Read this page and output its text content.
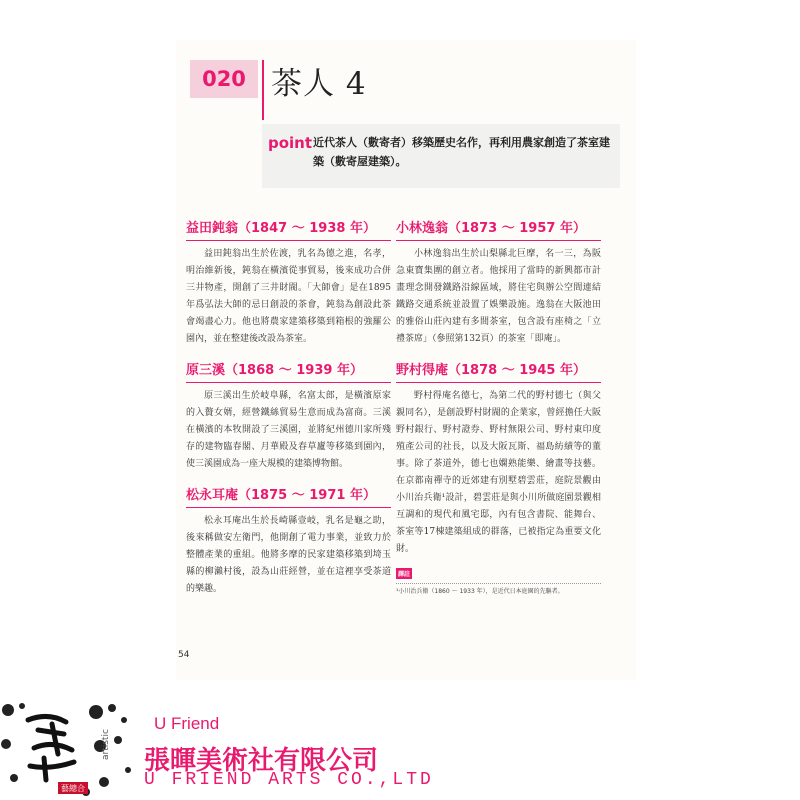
020 茶人 4
point 近代茶人（數寄者）移築歷史名作，再利用農家創造了茶室建築（數寄屋建築）。
益田鈍翁（1847 ～ 1938 年）

益田鈍翁出生於佐渡，乳名為德之進，名孝，明治維新後，鈍翁在橫濱從事貿易，後來成功合併三井物產，開創了三井財閥。「大師會」是在1895年爲弘法大師的忌日創設的茶會，鈍翁為創設此茶會竭盡心力。他也將農家建築移築到箱根的強羅公園內，並在整建後改設為茶室。

原三溪（1868 ～ 1939 年）

原三溪出生於岐阜縣，名富太郎，是橫濱原家的入贅女婿，經營鐵絲貿易生意而成為富商。三溪在橫濱的本牧開設了三溪園，並將紀州德川家所殘存的建物臨春閣、月華殿及春草廬等移築到園內，使三溪園成為一座大規模的建築博物館。

松永耳庵（1875 ～ 1971 年）

松永耳庵出生於長崎縣壹岐，乳名是龜之助，後來稱做安左衛門，他開創了電力事業，並致力於整體產業的重組。他將多摩的民家建築移築到埼玉縣的柳瀨村後，設為山莊經營，並在這裡享受茶道的樂趣。

小林逸翁（1873 ～ 1957 年）

小林逸翁出生於山梨縣北巨摩，名一三，為阪急東寶集團的創立者。他採用了當時的新興都市計畫理念開發鐵路沿線區域，將住宅與辦公空間連結鐵路交通系統並設置了娛樂設施。逸翁在大阪池田的雅俗山莊內建有多間茶室，包含設有座椅之「立禮茶席」（參照第132頁）的茶室「即庵」。

野村得庵（1878 ～ 1945 年）

野村得庵名德七，為第二代的野村德七（與父親同名），是創設野村財閥的企業家，曾經擔任大阪野村銀行、野村證券、野村無限公司、野村東印度殖產公司的社長，以及大阪瓦斯、福島紡績等的董事。除了茶道外，德七也嫻熟能樂、繪畫等技藝。在京都南禪寺的近郊建有別墅碧雲莊，庭院景觀由小川治兵衛¹設計，碧雲莊是與小川所做庭園景觀相互調和的現代和風宅邸，內有包含書院、能舞台、茶室等17棟建築組成的群落，已被指定為重要文化財。

譯註
¹小川治兵衛（1860 ～ 1933 年），是近代日本庭園的先驅者。
54
藝總合
artistic
U Friend
張暉美術社有限公司
U FRIEND ARTS CO.,LTD
